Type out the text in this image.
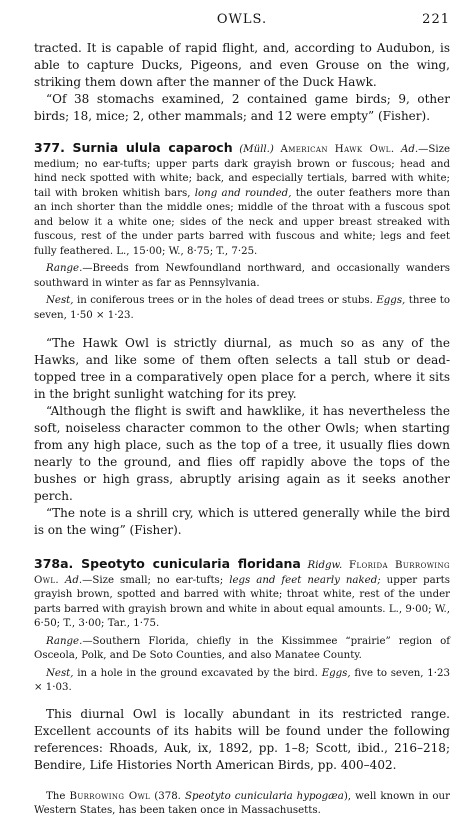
OWLS.	221

tracted. It is capable of rapid flight, and, according to Audubon, is able to capture Ducks, Pigeons, and even Grouse on the wing, striking them down after the manner of the Duck Hawk.

“Of 38 stomachs examined, 2 contained game birds; 9, other birds; 18, mice; 2, other mammals; and 12 were empty” (Fisher).

377. Surnia ulula caparoch (Müll.) American Hawk Owl. Ad.—Size medium; no ear-tufts; upper parts dark grayish brown or fuscous; head and hind neck spotted with white; back, and especially tertials, barred with white; tail with broken whitish bars, long and rounded, the outer feathers more than an inch shorter than the middle ones; middle of the throat with a fuscous spot and below it a white one; sides of the neck and upper breast streaked with fuscous, rest of the under parts barred with fuscous and white; legs and feet fully feathered. L., 15·00; W., 8·75; T., 7·25.

Range.—Breeds from Newfoundland northward, and occasionally wanders southward in winter as far as Pennsylvania.

Nest, in coniferous trees or in the holes of dead trees or stubs. Eggs, three to seven, 1·50 × 1·23.

“The Hawk Owl is strictly diurnal, as much so as any of the Hawks, and like some of them often selects a tall stub or dead-topped tree in a comparatively open place for a perch, where it sits in the bright sunlight watching for its prey.

“Although the flight is swift and hawklike, it has nevertheless the soft, noiseless character common to the other Owls; when starting from any high place, such as the top of a tree, it usually flies down nearly to the ground, and flies off rapidly above the tops of the bushes or high grass, abruptly arising again as it seeks another perch.

“The note is a shrill cry, which is uttered generally while the bird is on the wing” (Fisher).

378a. Speotyto cunicularia floridana Ridgw. Florida Burrowing Owl. Ad.—Size small; no ear-tufts; legs and feet nearly naked; upper parts grayish brown, spotted and barred with white; throat white, rest of the under parts barred with grayish brown and white in about equal amounts. L., 9·00; W., 6·50; T., 3·00; Tar., 1·75.

Range.—Southern Florida, chiefly in the Kissimmee “prairie” region of Osceola, Polk, and De Soto Counties, and also Manatee County.

Nest, in a hole in the ground excavated by the bird. Eggs, five to seven, 1·23 × 1·03.

This diurnal Owl is locally abundant in its restricted range. Excellent accounts of its habits will be found under the following references: Rhoads, Auk, ix, 1892, pp. 1–8; Scott, ibid., 216–218; Bendire, Life Histories North American Birds, pp. 400–402.

The Burrowing Owl (378. Speotyto cunicularia hypogæa), well known in our Western States, has been taken once in Massachusetts.
